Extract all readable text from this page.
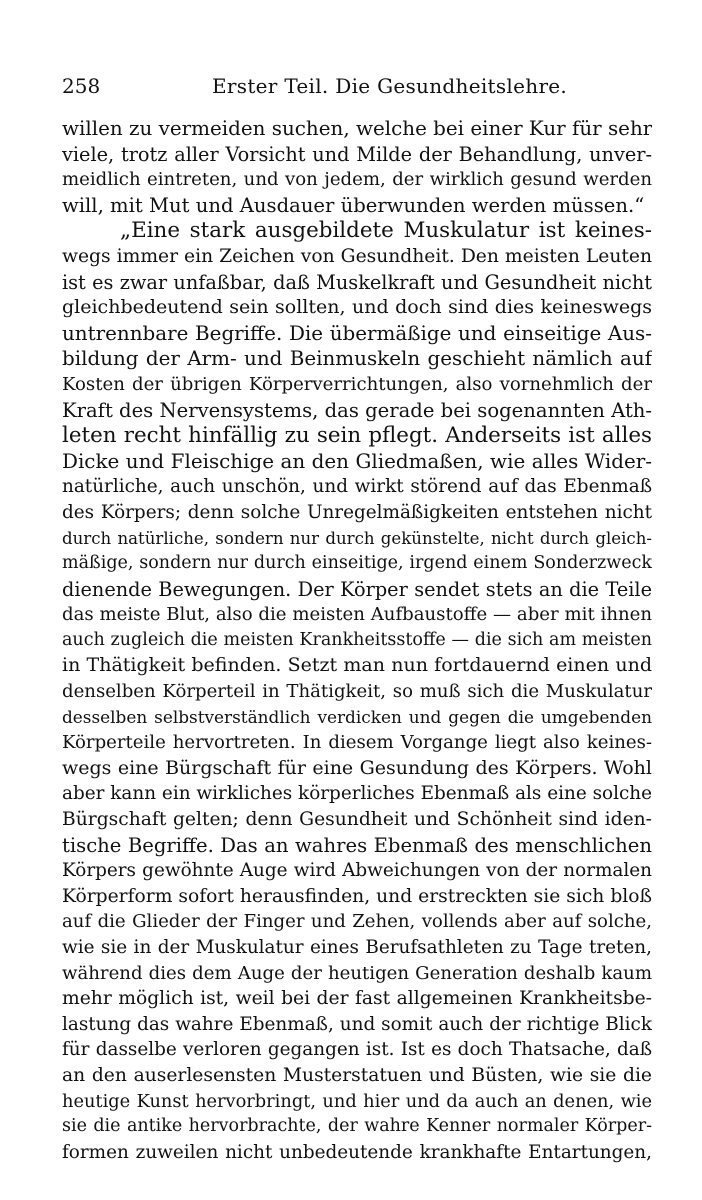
258	Erster Teil. Die Gesundheitslehre.
willen zu vermeiden suchen, welche bei einer Kur für sehr
viele, trotz aller Vorsicht und Milde der Behandlung, unver-
meidlich eintreten, und von jedem, der wirklich gesund werden
will, mit Mut und Ausdauer überwunden werden müssen.“
„Eine stark ausgebildete Muskulatur ist keines-
wegs immer ein Zeichen von Gesundheit. Den meisten Leuten
ist es zwar unfaßbar, daß Muskelkraft und Gesundheit nicht
gleichbedeutend sein sollten, und doch sind dies keineswegs
untrennbare Begriffe. Die übermäßige und einseitige Aus-
bildung der Arm- und Beinmuskeln geschieht nämlich auf
Kosten der übrigen Körperverrichtungen, also vornehmlich der
Kraft des Nervensystems, das gerade bei sogenannten Ath-
leten recht hinfällig zu sein pflegt. Anderseits ist alles
Dicke und Fleischige an den Gliedmaßen, wie alles Wider-
natürliche, auch unschön, und wirkt störend auf das Ebenmaß
des Körpers; denn solche Unregelmäßigkeiten entstehen nicht
durch natürliche, sondern nur durch gekünstelte, nicht durch gleich-
mäßige, sondern nur durch einseitige, irgend einem Sonderzweck
dienende Bewegungen. Der Körper sendet stets an die Teile
das meiste Blut, also die meisten Aufbaustoffe — aber mit ihnen
auch zugleich die meisten Krankheitsstoffe — die sich am meisten
in Thätigkeit befinden. Setzt man nun fortdauernd einen und
denselben Körperteil in Thätigkeit, so muß sich die Muskulatur
desselben selbstverständlich verdicken und gegen die umgebenden
Körperteile hervortreten. In diesem Vorgange liegt also keines-
wegs eine Bürgschaft für eine Gesundung des Körpers. Wohl
aber kann ein wirkliches körperliches Ebenmaß als eine solche
Bürgschaft gelten; denn Gesundheit und Schönheit sind iden-
tische Begriffe. Das an wahres Ebenmaß des menschlichen
Körpers gewöhnte Auge wird Abweichungen von der normalen
Körperform sofort herausfinden, und erstreckten sie sich bloß
auf die Glieder der Finger und Zehen, vollends aber auf solche,
wie sie in der Muskulatur eines Berufsathleten zu Tage treten,
während dies dem Auge der heutigen Generation deshalb kaum
mehr möglich ist, weil bei der fast allgemeinen Krankheitsbe-
lastung das wahre Ebenmaß, und somit auch der richtige Blick
für dasselbe verloren gegangen ist. Ist es doch Thatsache, daß
an den auserlesensten Musterstatuen und Büsten, wie sie die
heutige Kunst hervorbringt, und hier und da auch an denen, wie
sie die antike hervorbrachte, der wahre Kenner normaler Körper-
formen zuweilen nicht unbedeutende krankhafte Entartungen,
